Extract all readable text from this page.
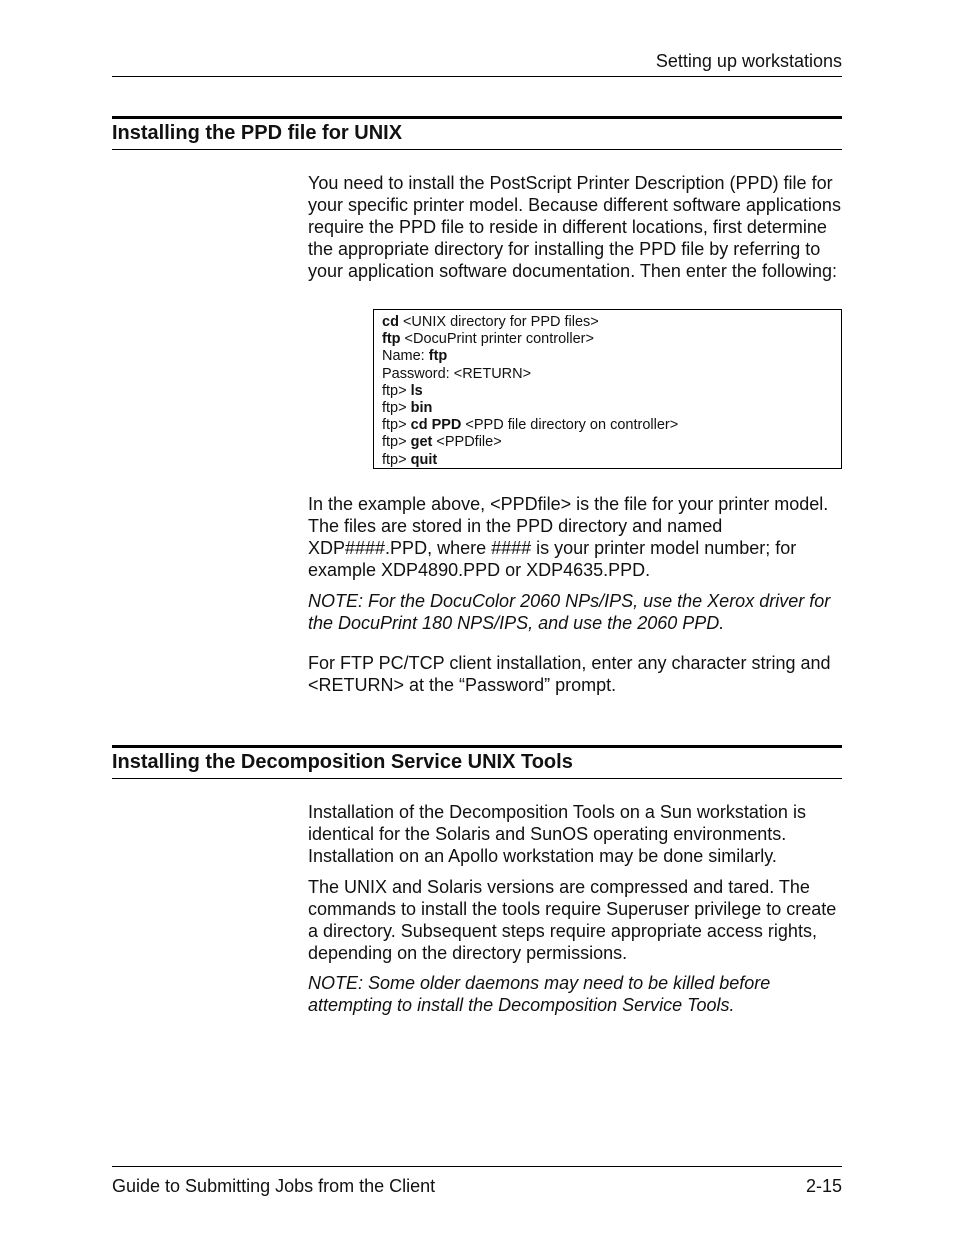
Setting up workstations
Installing the PPD file for UNIX

You need to install the PostScript Printer Description (PPD) file for your specific printer model. Because different software applications require the PPD file to reside in different locations, first determine the appropriate directory for installing the PPD file by referring to your application software documentation. Then enter the following:

cd <UNIX directory for PPD files>
ftp <DocuPrint printer controller>
Name: ftp
Password: <RETURN>
ftp> ls
ftp> bin
ftp> cd PPD <PPD file directory on controller>
ftp> get <PPDfile>
ftp> quit

In the example above, <PPDfile> is the file for your printer model. The files are stored in the PPD directory and named XDP####.PPD, where #### is your printer model number; for example XDP4890.PPD or XDP4635.PPD.

NOTE: For the DocuColor 2060 NPs/IPS, use the Xerox driver for the DocuPrint 180 NPS/IPS, and use the 2060 PPD.

For FTP PC/TCP client installation, enter any character string and <RETURN> at the “Password” prompt.

Installing the Decomposition Service UNIX Tools

Installation of the Decomposition Tools on a Sun workstation is identical for the Solaris and SunOS operating environments. Installation on an Apollo workstation may be done similarly.

The UNIX and Solaris versions are compressed and tared. The commands to install the tools require Superuser privilege to create a directory. Subsequent steps require appropriate access rights, depending on the directory permissions.

NOTE: Some older daemons may need to be killed before attempting to install the Decomposition Service Tools.

Guide to Submitting Jobs from the Client	2-15
